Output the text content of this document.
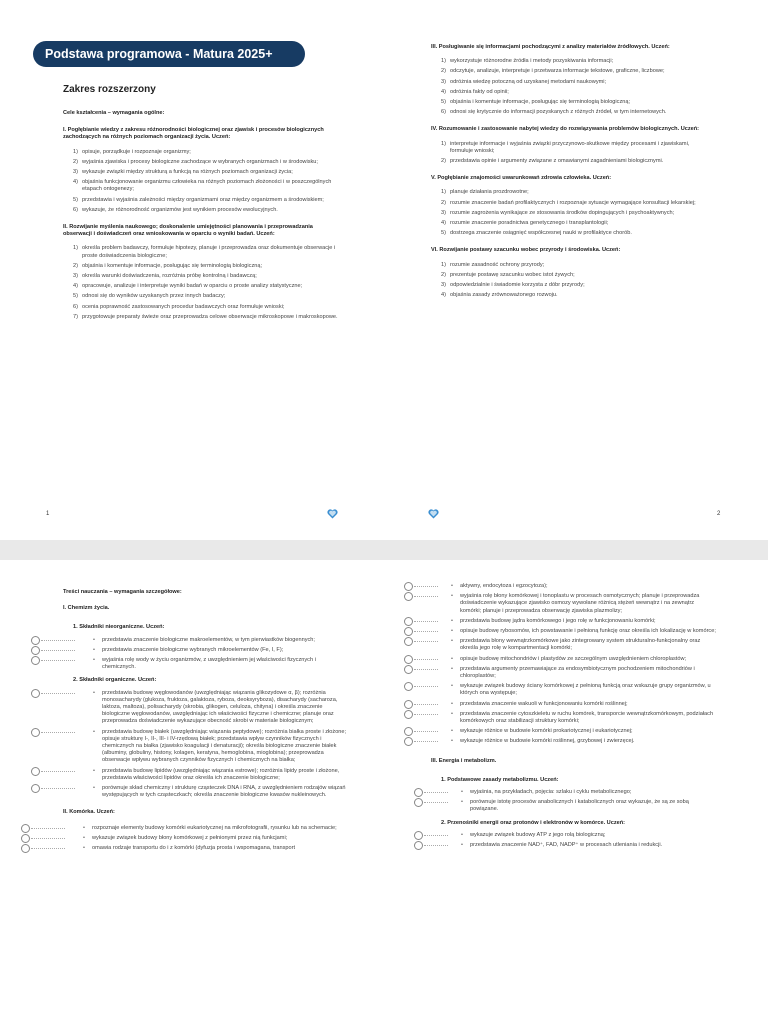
Podstawa programowa - Matura 2025+
Zakres rozszerzony
Cele kształcenia – wymagania ogólne:
I. Pogłębianie wiedzy z zakresu różnorodności biologicznej oraz zjawisk i procesów biologicznych zachodzących na różnych poziomach organizacji życia. Uczeń:
1) opisuje, porządkuje i rozpoznaje organizmy;
2) wyjaśnia zjawiska i procesy biologiczne zachodzące w wybranych organizmach i w środowisku;
3) wykazuje związki między strukturą a funkcją na różnych poziomach organizacji życia;
4) objaśnia funkcjonowanie organizmu człowieka na różnych poziomach złożoności i w poszczególnych etapach ontogenezy;
5) przedstawia i wyjaśnia zależności między organizmami oraz między organizmem a środowiskiem;
6) wykazuje, że różnorodność organizmów jest wynikiem procesów ewolucyjnych.
II. Rozwijanie myślenia naukowego; doskonalenie umiejętności planowania i przeprowadzania obserwacji i doświadczeń oraz wnioskowania w oparciu o wyniki badań. Uczeń:
1) określa problem badawczy, formułuje hipotezy, planuje i przeprowadza oraz dokumentuje obserwacje i proste doświadczenia biologiczne;
2) objaśnia i komentuje informacje, posługując się terminologią biologiczną;
3) określa warunki doświadczenia, rozróżnia próbę kontrolną i badawczą;
4) opracowuje, analizuje i interpretuje wyniki badań w oparciu o proste analizy statystyczne;
5) odnosi się do wyników uzyskanych przez innych badaczy;
6) ocenia poprawność zastosowanych procedur badawczych oraz formułuje wnioski;
7) przygotowuje preparaty świeże oraz przeprowadza celowe obserwacje mikroskopowe i makroskopowe.
1
III. Posługiwanie się informacjami pochodzącymi z analizy materiałów źródłowych. Uczeń:
1) wykorzystuje różnorodne źródła i metody pozyskiwania informacji;
2) odczytuje, analizuje, interpretuje i przetwarza informacje tekstowe, graficzne, liczbowe;
3) odróżnia wiedzę potoczną od uzyskanej metodami naukowymi;
4) odróżnia fakty od opinii;
5) objaśnia i komentuje informacje, posługując się terminologią biologiczną;
6) odnosi się krytycznie do informacji pozyskanych z różnych źródeł, w tym internetowych.
IV. Rozumowanie i zastosowanie nabytej wiedzy do rozwiązywania problemów biologicznych. Uczeń:
1) interpretuje informacje i wyjaśnia związki przyczynowo-skutkowe między procesami i zjawiskami, formułuje wnioski;
2) przedstawia opinie i argumenty związane z omawianymi zagadnieniami biologicznymi.
V. Pogłębianie znajomości uwarunkowań zdrowia człowieka. Uczeń:
1) planuje działania prozdrowotne;
2) rozumie znaczenie badań profilaktycznych i rozpoznaje sytuacje wymagające konsultacji lekarskiej;
3) rozumie zagrożenia wynikające ze stosowania środków dopingujących i psychoaktywnych;
4) rozumie znaczenie poradnictwa genetycznego i transplantologii;
5) dostrzega znaczenie osiągnięć współczesnej nauki w profilaktyce chorób.
VI. Rozwijanie postawy szacunku wobec przyrody i środowiska. Uczeń:
1) rozumie zasadność ochrony przyrody;
2) prezentuje postawę szacunku wobec istot żywych;
3) odpowiedzialnie i świadomie korzysta z dóbr przyrody;
4) objaśnia zasady zrównoważonego rozwoju.
2
Treści nauczania – wymagania szczegółowe:
I. Chemizm życia.
1. Składniki nieorganiczne. Uczeń:
• przedstawia znaczenie biologiczne makroelementów, w tym pierwiastków biogennych;
• przedstawia znaczenie biologiczne wybranych mikroelementów (Fe, I, F);
• wyjaśnia rolę wody w życiu organizmów, z uwzględnieniem jej właściwości fizycznych i chemicznych.
2. Składniki organiczne. Uczeń:
• przedstawia budowę węglowodanów (uwzględniając wiązania glikozydowe α, β); rozróżnia monosacharydy (glukoza, fruktoza, galaktoza, ryboza, deoksyryboza), disacharydy (sacharoza, laktoza, maltoza), polisacharydy (skrobia, glikogen, celuloza, chityna) i określa znaczenie biologiczne węglowodanów, uwzględniając ich właściwości fizyczne i chemiczne; planuje oraz przeprowadza doświadczenie wykazujące obecność skrobi w materiale biologicznym;
• przedstawia budowę białek (uwzględniając wiązania peptydowe); rozróżnia białka proste i złożone; opisuje strukturę I-, II-, III- i IV-rzędową białek; przedstawia wpływ czynników fizycznych i chemicznych na białka (zjawisko koagulacji i denaturacji); określa biologiczne znaczenie białek (albuminy, globuliny, histony, kolagen, keratyna, hemoglobina, mioglobina); przeprowadza obserwacje wpływu wybranych czynników fizycznych i chemicznych na białka;
• przedstawia budowę lipidów (uwzględniając wiązania estrowe); rozróżnia lipidy proste i złożone, przedstawia właściwości lipidów oraz określa ich znaczenie biologiczne;
• porównuje skład chemiczny i strukturę cząsteczek DNA i RNA, z uwzględnieniem rodzajów wiązań występujących w tych cząsteczkach; określa znaczenie biologiczne kwasów nukleinowych.
II. Komórka. Uczeń:
• rozpoznaje elementy budowy komórki eukariotycznej na mikrofotografii, rysunku lub na schemacie;
• wykazuje związek budowy błony komórkowej z pełnionymi przez nią funkcjami;
• omawia rodzaje transportu do i z komórki (dyfuzja prosta i wspomagana, transport
• aktywny, endocytoza i egzocytoza);
• wyjaśnia rolę błony komórkowej i tonoplastu w procesach osmotycznych; planuje i przeprowadza doświadczenie wykazujące zjawisko osmozy wywołane różnicą stężeń wewnątrz i na zewnątrz komórki; planuje i przeprowadza obserwację zjawiska plazmolizy;
• przedstawia budowę jądra komórkowego i jego rolę w funkcjonowaniu komórki;
• opisuje budowę rybosomów, ich powstawanie i pełnioną funkcję oraz określa ich lokalizację w komórce;
• przedstawia błony wewnątrzkomórkowe jako zintegrowany system strukturalno-funkcjonalny oraz określa jego rolę w kompartmentacji komórki;
• opisuje budowę mitochondriów i plastydów ze szczególnym uwzględnieniem chloroplastów;
• przedstawia argumenty przemawiające za endosymbiotycznym pochodzeniem mitochondriów i chloroplastów;
• wykazuje związek budowy ściany komórkowej z pełnioną funkcją oraz wskazuje grupy organizmów, u których ona występuje;
• przedstawia znaczenie wakuoli w funkcjonowaniu komórki roślinnej;
• przedstawia znaczenie cytoszkieletu w ruchu komórek, transporcie wewnątrzkomórkowym, podziałach komórkowych oraz stabilizacji struktury komórki;
• wykazuje różnice w budowie komórki prokariotycznej i eukariotycznej;
• wykazuje różnice w budowie komórki roślinnej, grzybowej i zwierzęcej.
III. Energia i metabolizm.
1. Podstawowe zasady metabolizmu. Uczeń:
• wyjaśnia, na przykładach, pojęcia: szlaku i cyklu metabolicznego;
• porównuje istotę procesów anabolicznych i katabolicznych oraz wykazuje, że są ze sobą powiązane.
2. Przenośniki energii oraz protonów i elektronów w komórce. Uczeń:
• wykazuje związek budowy ATP z jego rolą biologiczną;
• przedstawia znaczenie NAD⁺, FAD, NADP⁺ w procesach utleniania i redukcji.
